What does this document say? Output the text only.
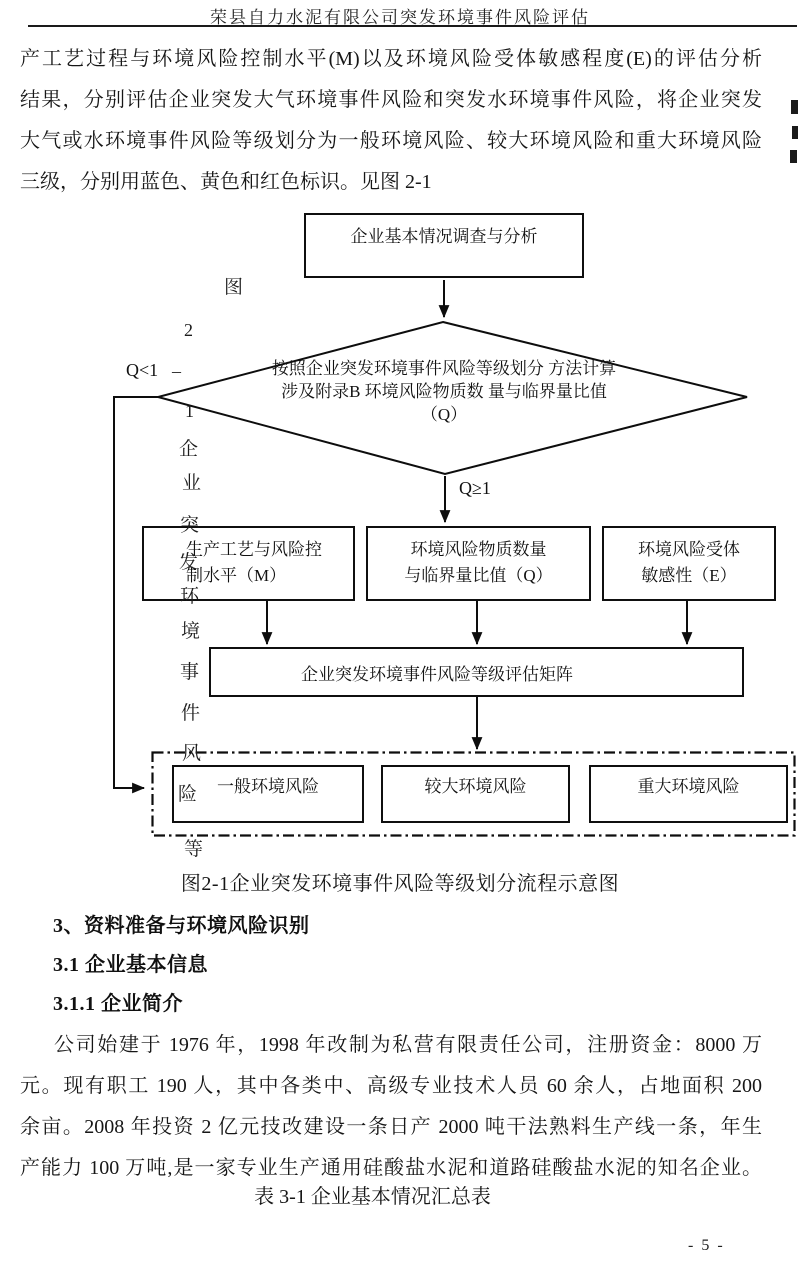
荣县自力水泥有限公司突发环境事件风险评估
产工艺过程与环境风险控制水平(M)以及环境风险受体敏感程度(E)的评估分析
结果，分别评估企业突发大气环境事件风险和突发水环境事件风险，将企业突发
大气或水环境事件风险等级划分为一般环境风险、较大环境风险和重大环境风险
三级，分别用蓝色、黄色和红色标识。见图 2-1
企业基本情况调查与分析
按照企业突发环境事件风险等级划分 方法计算涉及附录B 环境风险物质数 量与临界量比值（Q）
Q≥1
Q<1
生产工艺与风险控
制水平（M）
环境风险物质数量
与临界量比值（Q）
环境风险受体
敏感性（E）
企业突发环境事件风险等级评估矩阵
一般环境风险	较大环境风险	重大环境风险
图
2
–
1
企
业
突
发
环
境
事
件
风
险
等
图2-1企业突发环境事件风险等级划分流程示意图
3、资料准备与环境风险识别
3.1 企业基本信息
3.1.1 企业简介
公司始建于 1976 年，1998 年改制为私营有限责任公司，注册资金：8000 万
元。现有职工 190 人，其中各类中、高级专业技术人员 60 余人，占地面积 200
余亩。2008 年投资 2 亿元技改建设一条日产 2000 吨干法熟料生产线一条，年生
产能力 100 万吨,是一家专业生产通用硅酸盐水泥和道路硅酸盐水泥的知名企业。
表 3-1 企业基本情况汇总表
- 5 -
